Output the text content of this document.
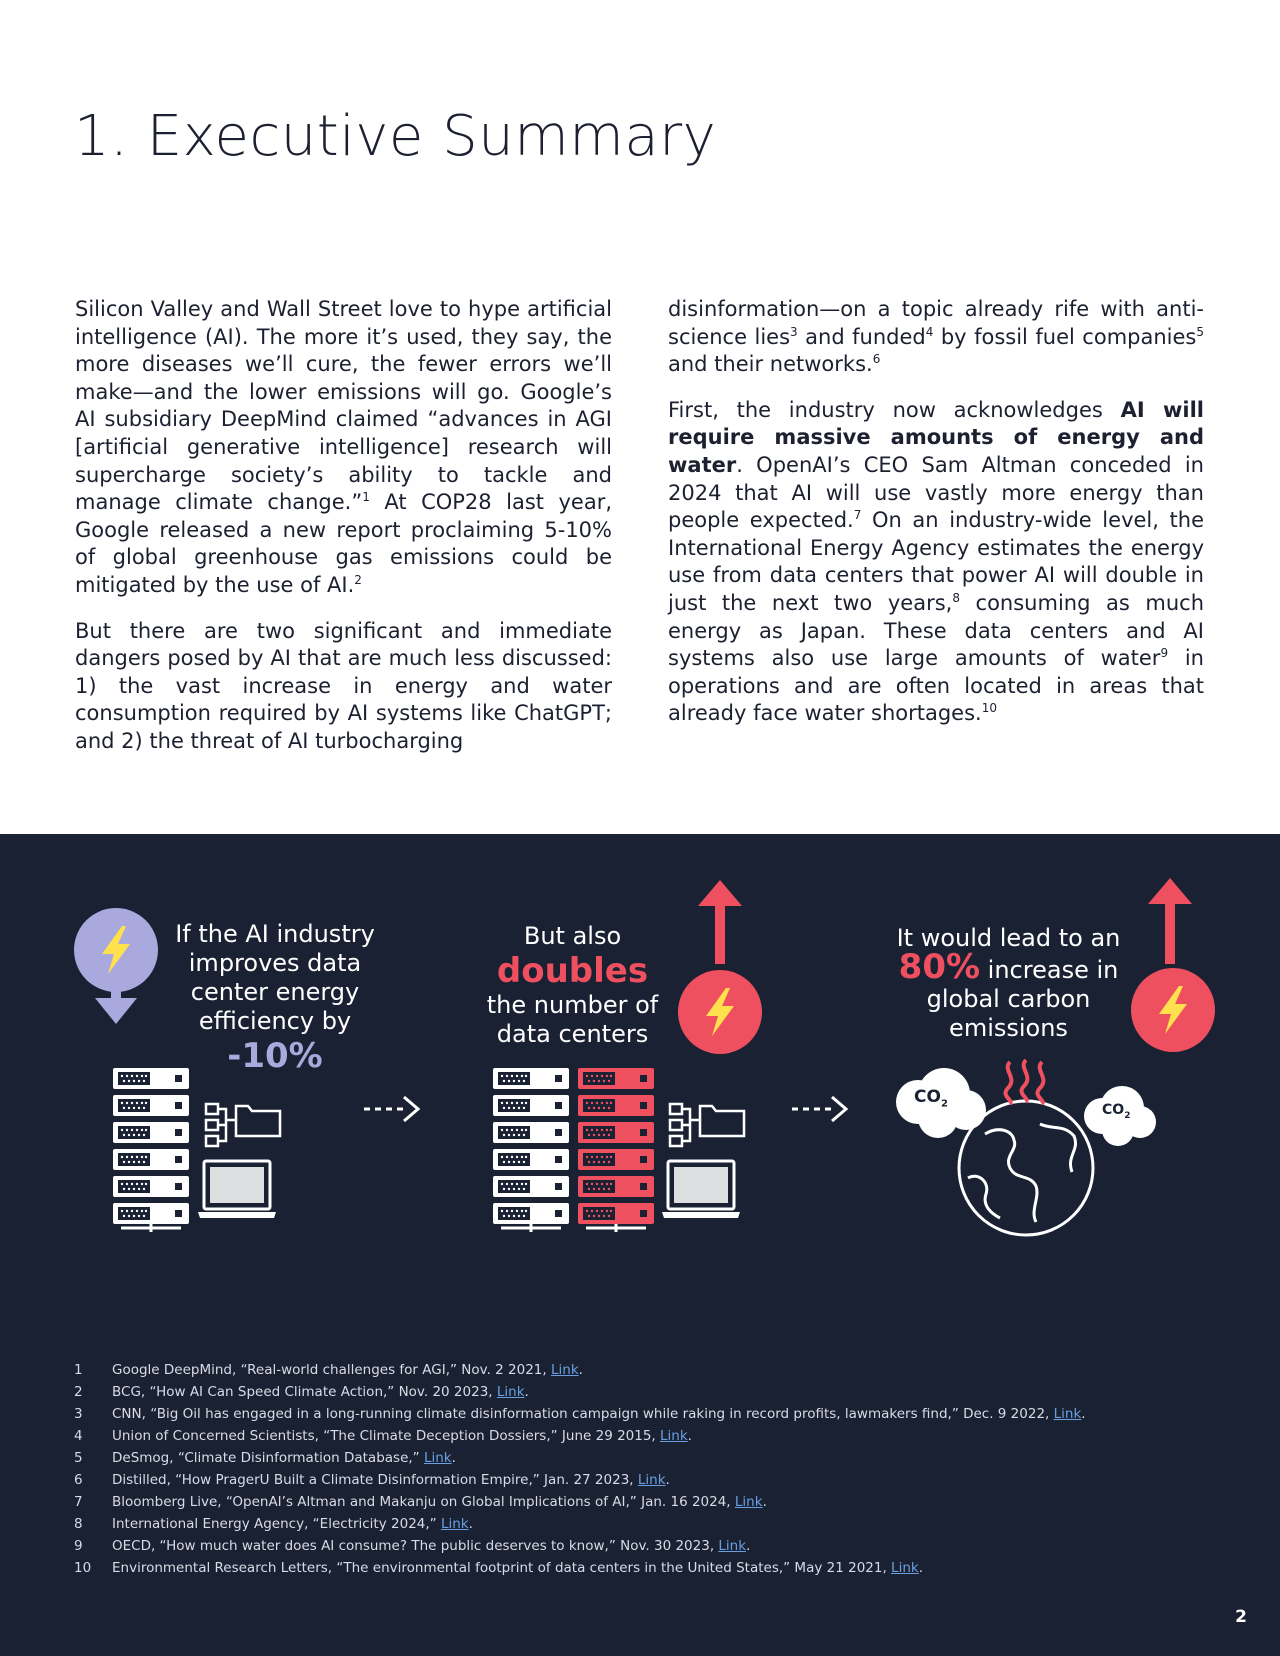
1. Executive Summary

Silicon Valley and Wall Street love to hype artificial intelligence (AI). The more it’s used, they say, the more diseases we’ll cure, the fewer errors we’ll make—and the lower emissions will go. Google’s AI subsidiary DeepMind claimed “advances in AGI [artificial generative intelligence] research will supercharge society’s ability to tackle and manage climate change.”$^1$ At COP28 last year, Google released a new report proclaiming 5-10% of global greenhouse gas emissions could be mitigated by the use of AI.$^2$

But there are two significant and immediate dangers posed by AI that are much less discussed: 1) the vast increase in energy and water consumption required by AI systems like ChatGPT; and 2) the threat of AI turbocharging

disinformation—on a topic already rife with anti-science lies$^3$ and funded$^4$ by fossil fuel companies$^5$ and their networks.$^6$

First, the industry now acknowledges AI will require massive amounts of energy and water. OpenAI’s CEO Sam Altman conceded in 2024 that AI will use vastly more energy than people expected.$^7$ On an industry-wide level, the International Energy Agency estimates the energy use from data centers that power AI will double in just the next two years,$^8$ consuming as much energy as Japan. These data centers and AI systems also use large amounts of water$^9$ in operations and are often located in areas that already face water shortages.$^{10}$

If the AI industry
improves data
center energy
efficiency by
-10%
But also
doubles
the number of
data centers
It would lead to an
80% increase in
global carbon
emissions
$CO_2$	$CO_2$
2
1	Google DeepMind, “Real-world challenges for AGI,” Nov. 2 2021, Link.
2	BCG, “How AI Can Speed Climate Action,” Nov. 20 2023, Link.
3	CNN, “Big Oil has engaged in a long-running climate disinformation campaign while raking in record profits, lawmakers find,” Dec. 9 2022, Link.
4	Union of Concerned Scientists, “The Climate Deception Dossiers,” June 29 2015, Link.
5	DeSmog, “Climate Disinformation Database,” Link.
6	Distilled, “How PragerU Built a Climate Disinformation Empire,” Jan. 27 2023, Link.
7	Bloomberg Live, “OpenAI’s Altman and Makanju on Global Implications of AI,” Jan. 16 2024, Link.
8	International Energy Agency, “Electricity 2024,” Link.
9	OECD, “How much water does AI consume? The public deserves to know,” Nov. 30 2023, Link.
10	Environmental Research Letters, “The environmental footprint of data centers in the United States,” May 21 2021, Link.
